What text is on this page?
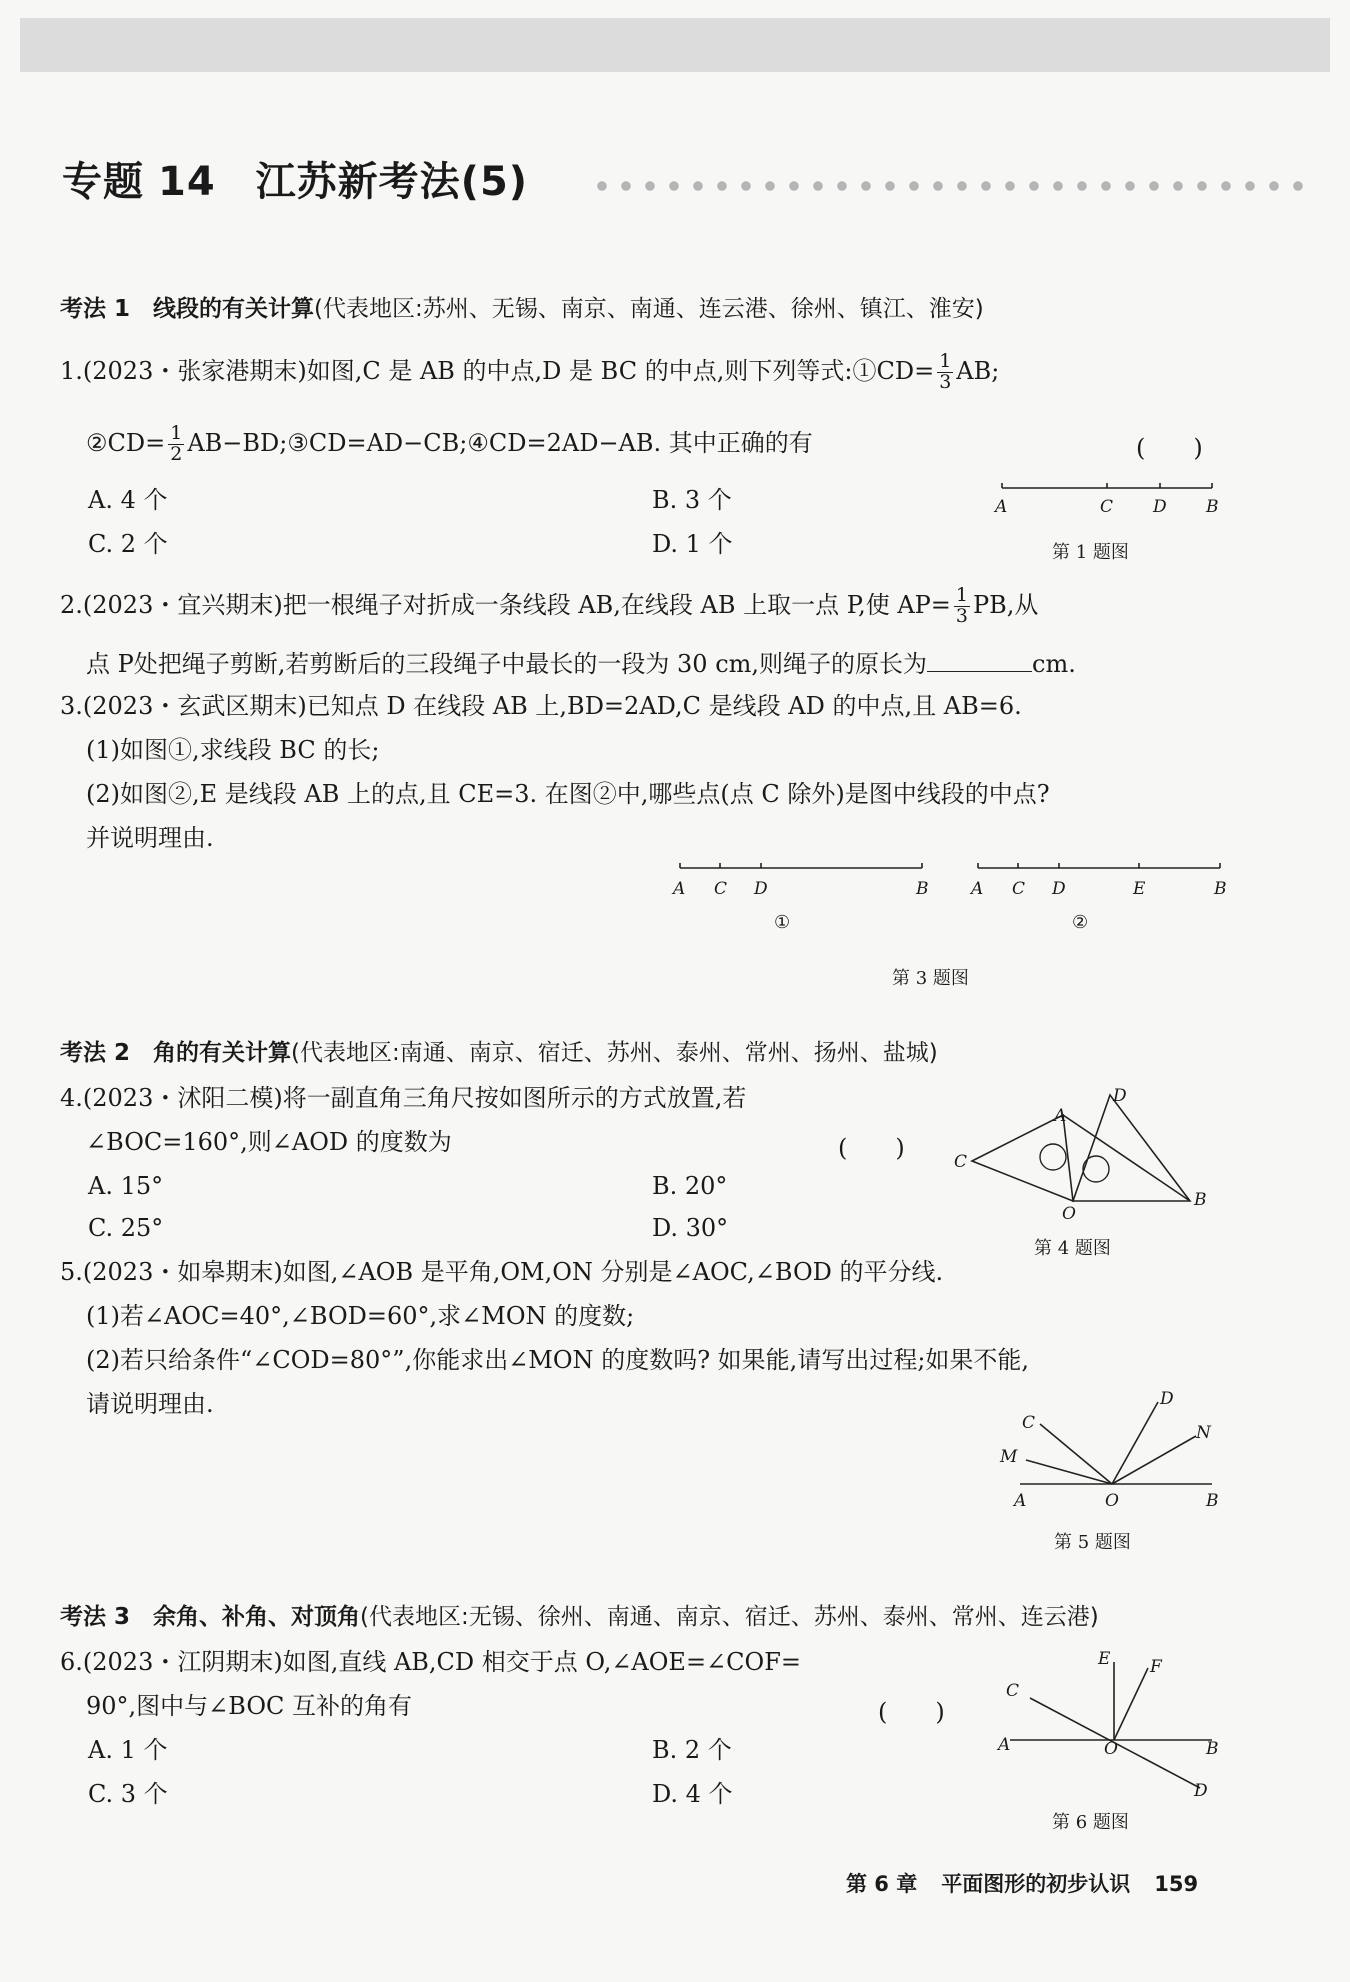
专题 14 江苏新考法(5)
考法 1　线段的有关计算(代表地区:苏州、无锡、南京、南通、连云港、徐州、镇江、淮安)
1.(2023・张家港期末)如图,C 是 AB 的中点,D 是 BC 的中点,则下列等式:①CD= $\frac{1}{3}$ AB;
②CD= $\frac{1}{2}$ AB−BD;③CD=AD−CB;④CD=2AD−AB. 其中正确的有	(　　)
A. 4 个	B. 3 个
C. 2 个	D. 1 个
A	C D B
第 1 题图
2.(2023・宜兴期末)把一根绳子对折成一条线段 AB,在线段 AB 上取一点 P,使 $AP= \frac{1}{3}$ PB,从
点 P处把绳子剪断,若剪断后的三段绳子中最长的一段为 30 cm,则绳子的原长为	cm.
3.(2023・玄武区期末)已知点 D 在线段 AB 上,BD=2AD,C 是线段 AD 的中点,且 AB=6.
(1)如图①,求线段 BC 的长;
(2)如图②,E 是线段 AB 上的点,且 CE=3. 在图②中,哪些点(点 C 除外)是图中线段的中点?
并说明理由.
A C D	B	A C D	E	B
①	②
第 3 题图
考法 2　角的有关计算(代表地区:南通、南京、宿迁、苏州、泰州、常州、扬州、盐城)
4.(2023・沭阳二模)将一副直角三角尺按如图所示的方式放置,若
∠BOC=160°,则∠AOD 的度数为	(　　)
A. 15°	B. 20°
C. 25°	D. 30°
D
A
C
O
B
第 4 题图
5.(2023・如皋期末)如图,∠AOB 是平角,OM,ON 分别是∠AOC,∠BOD 的平分线.
(1)若∠AOC=40°,∠BOD=60°,求∠MON 的度数;
(2)若只给条件“∠COD=80°”,你能求出∠MON 的度数吗? 如果能,请写出过程;如果不能,
请说明理由.
C
D
N
M
A	O	B
第 5 题图
考法 3　余角、补角、对顶角(代表地区:无锡、徐州、南通、南京、宿迁、苏州、泰州、常州、连云港)
6.(2023・江阴期末)如图,直线 AB,CD 相交于点 O,∠AOE=∠COF=
90°,图中与∠BOC 互补的角有	(　　)
A. 1 个	B. 2 个
C. 3 个	D. 4 个
E F
C
A	O	B
D
第 6 题图
第 6 章 平面图形的初步认识 159
